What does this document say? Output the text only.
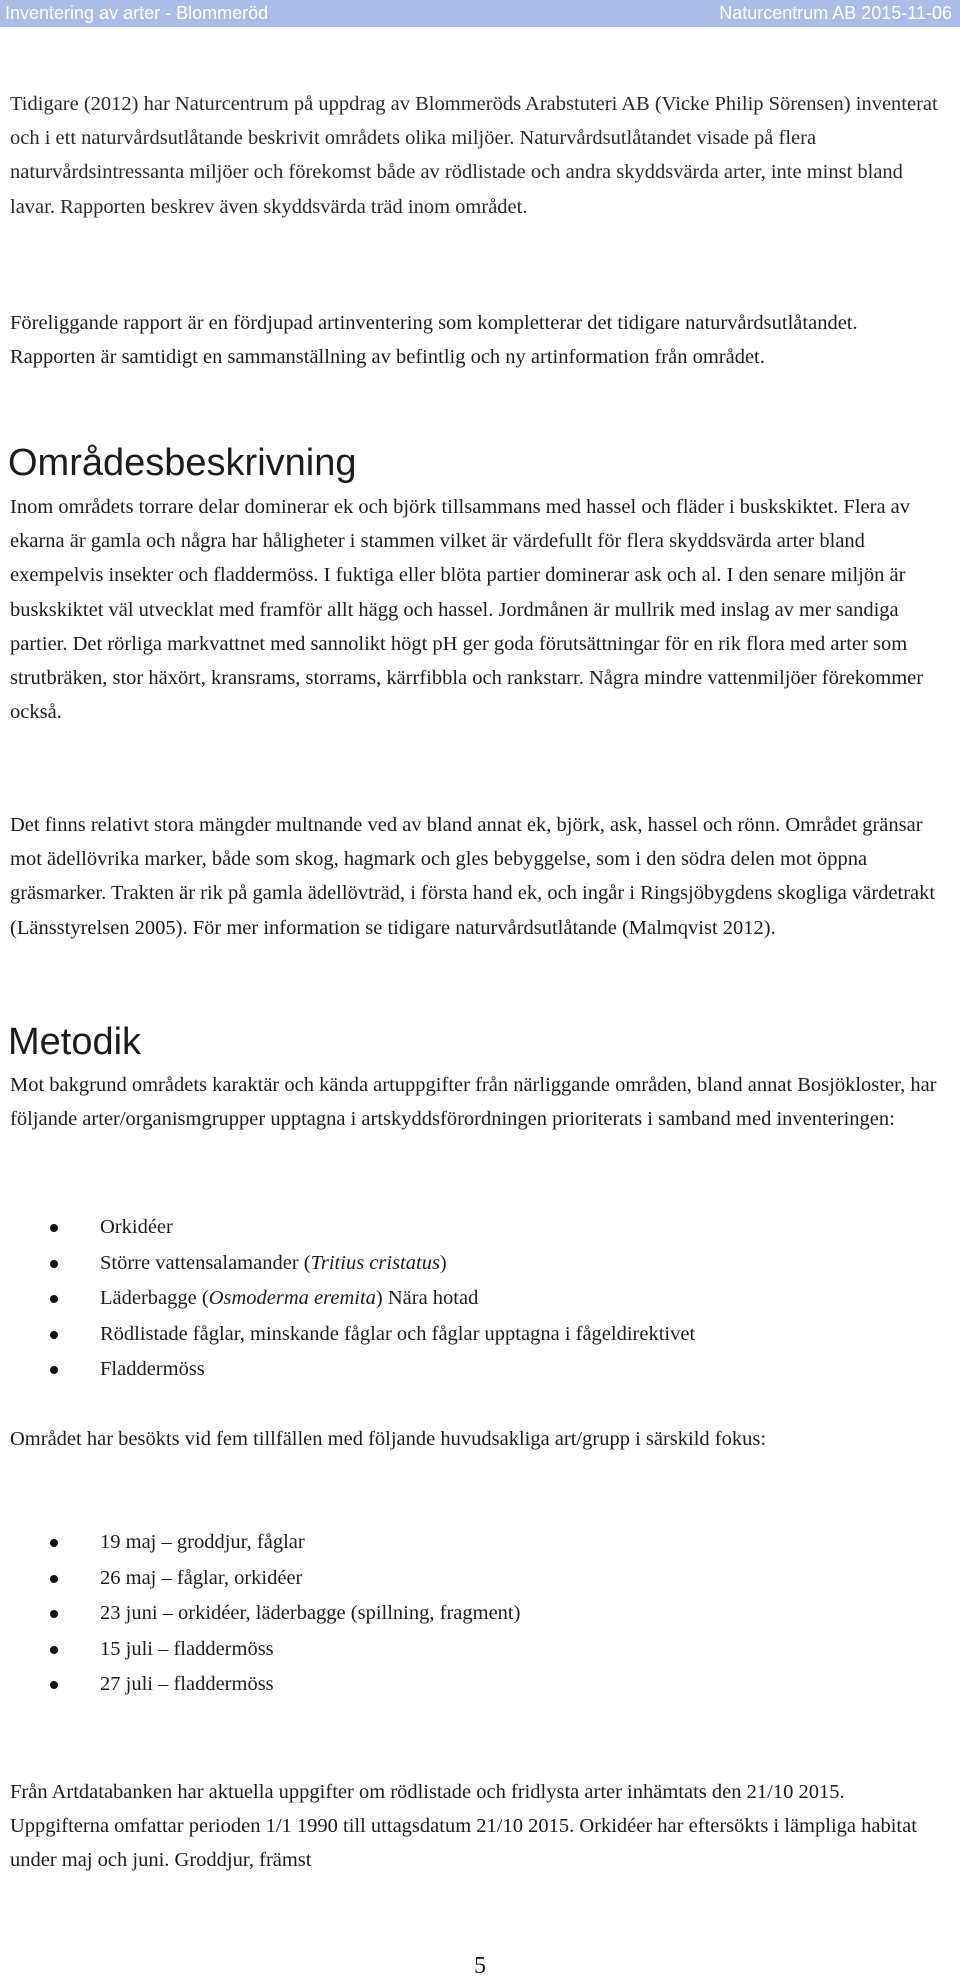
Inventering av arter - Blommeröd	Naturcentrum AB 2015-11-06

Tidigare (2012) har Naturcentrum på uppdrag av Blommeröds Arabstuteri AB (Vicke Philip Sörensen) inventerat och i ett naturvårdsutlåtande beskrivit områdets olika miljöer. Naturvårdsutlåtandet visade på flera naturvårdsintressanta miljöer och förekomst både av rödlistade och andra skyddsvärda arter, inte minst bland lavar. Rapporten beskrev även skyddsvärda träd inom området.

Föreliggande rapport är en fördjupad artinventering som kompletterar det tidigare naturvårdsutlåtandet. Rapporten är samtidigt en sammanställning av befintlig och ny artinformation från området.

Områdesbeskrivning

Inom områdets torrare delar dominerar ek och björk tillsammans med hassel och fläder i buskskiktet. Flera av ekarna är gamla och några har håligheter i stammen vilket är värdefullt för flera skyddsvärda arter bland exempelvis insekter och fladdermöss. I fuktiga eller blöta partier dominerar ask och al. I den senare miljön är buskskiktet väl utvecklat med framför allt hägg och hassel. Jordmånen är mullrik med inslag av mer sandiga partier. Det rörliga markvattnet med sannolikt högt pH ger goda förutsättningar för en rik flora med arter som strutbräken, stor häxört, kransrams, storrams, kärrfibbla och rankstarr. Några mindre vattenmiljöer förekommer också.

Det finns relativt stora mängder multnande ved av bland annat ek, björk, ask, hassel och rönn. Området gränsar mot ädellövrika marker, både som skog, hagmark och gles bebyggelse, som i den södra delen mot öppna gräsmarker. Trakten är rik på gamla ädellövträd, i första hand ek, och ingår i Ringsjöbygdens skogliga värdetrakt (Länsstyrelsen 2005). För mer information se tidigare naturvårdsutlåtande (Malmqvist 2012).

Metodik

Mot bakgrund områdets karaktär och kända artuppgifter från närliggande områden, bland annat Bosjökloster, har följande arter/organismgrupper upptagna i artskyddsförordningen prioriterats i samband med inventeringen:

Orkidéer
Större vattensalamander (Tritius cristatus)
Läderbagge (Osmoderma eremita) Nära hotad
Rödlistade fåglar, minskande fåglar och fåglar upptagna i fågeldirektivet
Fladdermöss

Området har besökts vid fem tillfällen med följande huvudsakliga art/grupp i särskild fokus:

19 maj – groddjur, fåglar
26 maj – fåglar, orkidéer
23 juni – orkidéer, läderbagge (spillning, fragment)
15 juli – fladdermöss
27 juli – fladdermöss

Från Artdatabanken har aktuella uppgifter om rödlistade och fridlysta arter inhämtats den 21/10 2015. Uppgifterna omfattar perioden 1/1 1990 till uttagsdatum 21/10 2015. Orkidéer har eftersökts i lämpliga habitat under maj och juni. Groddjur, främst

5
